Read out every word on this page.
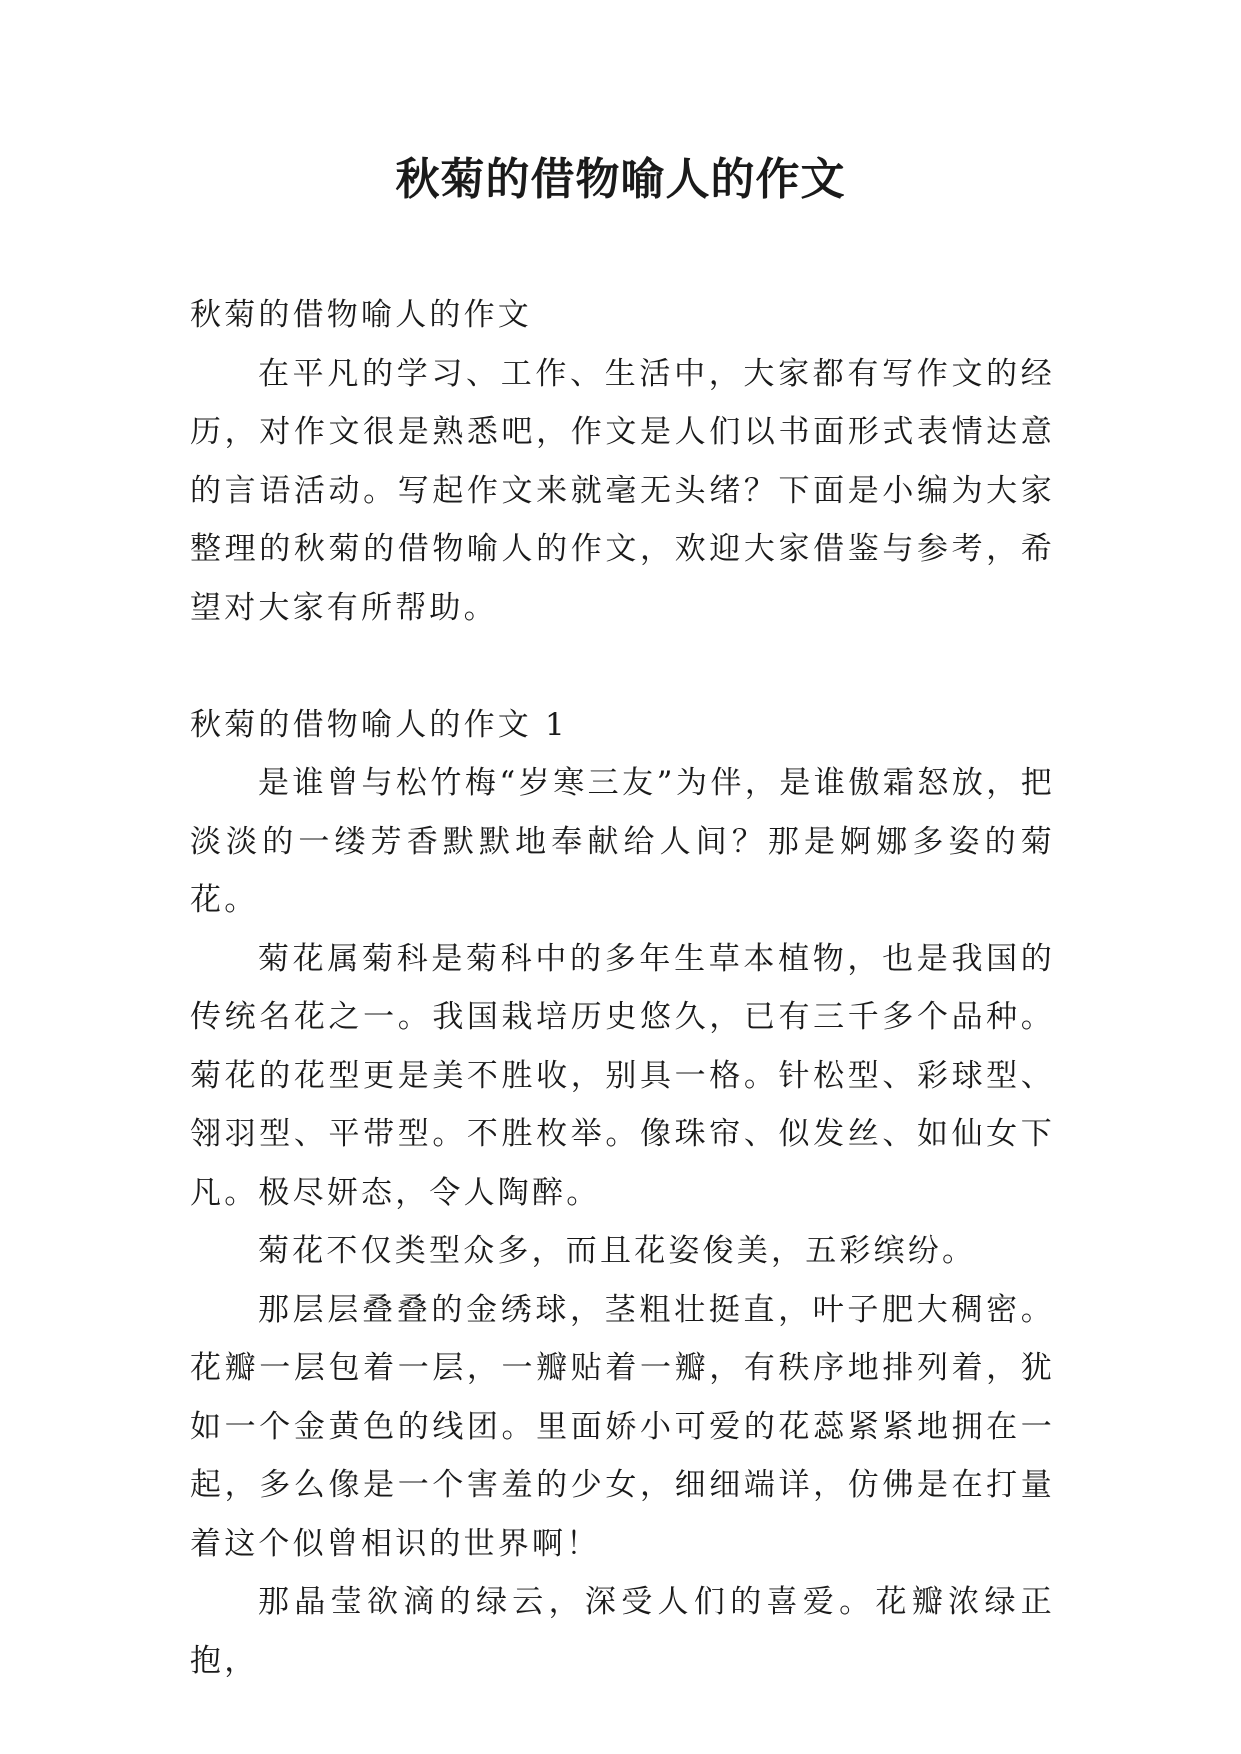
秋菊的借物喻人的作文

秋菊的借物喻人的作文

在平凡的学习、工作、生活中，大家都有写作文的经历，对作文很是熟悉吧，作文是人们以书面形式表情达意的言语活动。写起作文来就毫无头绪？下面是小编为大家整理的秋菊的借物喻人的作文，欢迎大家借鉴与参考，希望对大家有所帮助。

秋菊的借物喻人的作文 1

是谁曾与松竹梅“岁寒三友”为伴，是谁傲霜怒放，把淡淡的一缕芳香默默地奉献给人间？那是婀娜多姿的菊花。

菊花属菊科是菊科中的多年生草本植物，也是我国的传统名花之一。我国栽培历史悠久，已有三千多个品种。菊花的花型更是美不胜收，别具一格。针松型、彩球型、翎羽型、平带型。不胜枚举。像珠帘、似发丝、如仙女下凡。极尽妍态，令人陶醉。

菊花不仅类型众多，而且花姿俊美，五彩缤纷。

那层层叠叠的金绣球，茎粗壮挺直，叶子肥大稠密。花瓣一层包着一层，一瓣贴着一瓣，有秩序地排列着，犹如一个金黄色的线团。里面娇小可爱的花蕊紧紧地拥在一起，多么像是一个害羞的少女，细细端详，仿佛是在打量着这个似曾相识的世界啊！

那晶莹欲滴的绿云，深受人们的喜爱。花瓣浓绿正抱，
